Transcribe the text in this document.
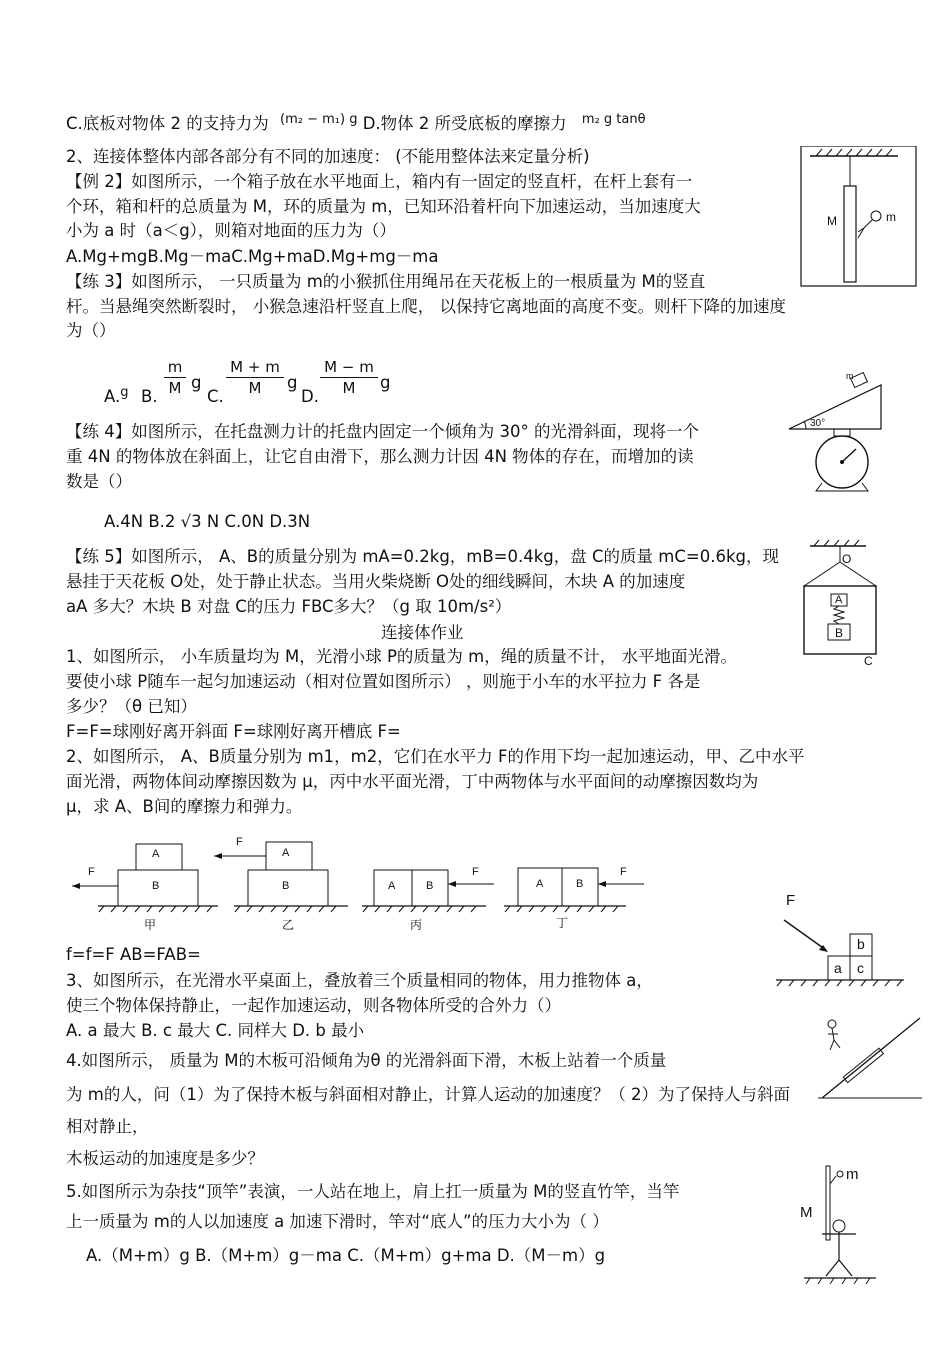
C.底板对物体 2 的支持力为 $^{(m_2 - m_1) g}$ D.物体 2 所受底板的摩擦力 $^{m_2 g tan\theta}$
2、连接体整体内部各部分有不同的加速度： (不能用整体法来定量分析)
【例 2】如图所示，一个箱子放在水平地面上，箱内有一固定的竖直杆，在杆上套有一
个环，箱和杆的总质量为 M，环的质量为 m，已知环沿着杆向下加速运动，当加速度大
小为 a 时（a＜g），则箱对地面的压力为（）
A.Mg+mgB.Mg－maC.Mg+maD.Mg+mg－ma
【练 3】如图所示， 一只质量为 m的小猴抓住用绳吊在天花板上的一根质量为 M的竖直
杆。当悬绳突然断裂时， 小猴急速沿杆竖直上爬， 以保持它离地面的高度不变。则杆下降的加速度
为（）
A.$^g$ B.
m
M g
C.
M + m
M	g
D.
M − m
M	g
【练 4】如图所示，在托盘测力计的托盘内固定一个倾角为 30° 的光滑斜面，现将一个
重 4N 的物体放在斜面上，让它自由滑下，那么测力计因 4N 物体的存在，而增加的读
数是（）
A.4N B.2 √3 N C.0N D.3N
【练 5】如图所示， A、B的质量分别为 mA=0.2kg，mB=0.4kg，盘 C的质量 mC=0.6kg，现
悬挂于天花板 O处，处于静止状态。当用火柴烧断 O处的细线瞬间，木块 A 的加速度
aA 多大？木块 B 对盘 C的压力 FBC多大？（g 取 10m/s²）
连接体作业
1、如图所示， 小车质量均为 M，光滑小球 P的质量为 m，绳的质量不计， 水平地面光滑。
要使小球 P随车一起匀加速运动（相对位置如图所示） ，则施于小车的水平拉力 F 各是
多少？（θ 已知）
F=F=球刚好离开斜面 F=球刚好离开槽底 F=
2、如图所示， A、B质量分别为 m1，m2，它们在水平力 F的作用下均一起加速运动，甲、乙中水平
面光滑，两物体间动摩擦因数为 μ，丙中水平面光滑，丁中两物体与水平面间的动摩擦因数均为
μ，求 A、B间的摩擦力和弹力。
f=f=F AB=FAB=
3、如图所示，在光滑水平桌面上，叠放着三个质量相同的物体，用力推物体 a，
使三个物体保持静止，一起作加速运动，则各物体所受的合外力（）
A. a 最大 B. c 最大 C. 同样大 D. b 最小
4.如图所示， 质量为 M的木板可沿倾角为θ 的光滑斜面下滑，木板上站着一个质量
为 m的人，问（1）为了保持木板与斜面相对静止，计算人运动的加速度？（ 2）为了保持人与斜面
相对静止，
木板运动的加速度是多少？
5.如图所示为杂技“顶竿”表演，一人站在地上，肩上扛一质量为 M的竖直竹竿，当竿
上一质量为 m的人以加速度 a 加速下滑时，竿对“底人”的压力大小为（ ）
A.（M+m）g B.（M+m）g－ma C.（M+m）g+ma D.（M－m）g
M	m
m
30°
O
A
B
C
A
B
F
甲
A
B
F
乙
A	B
F
丙
A	B
F
丁
F
a
b
c
m
M
